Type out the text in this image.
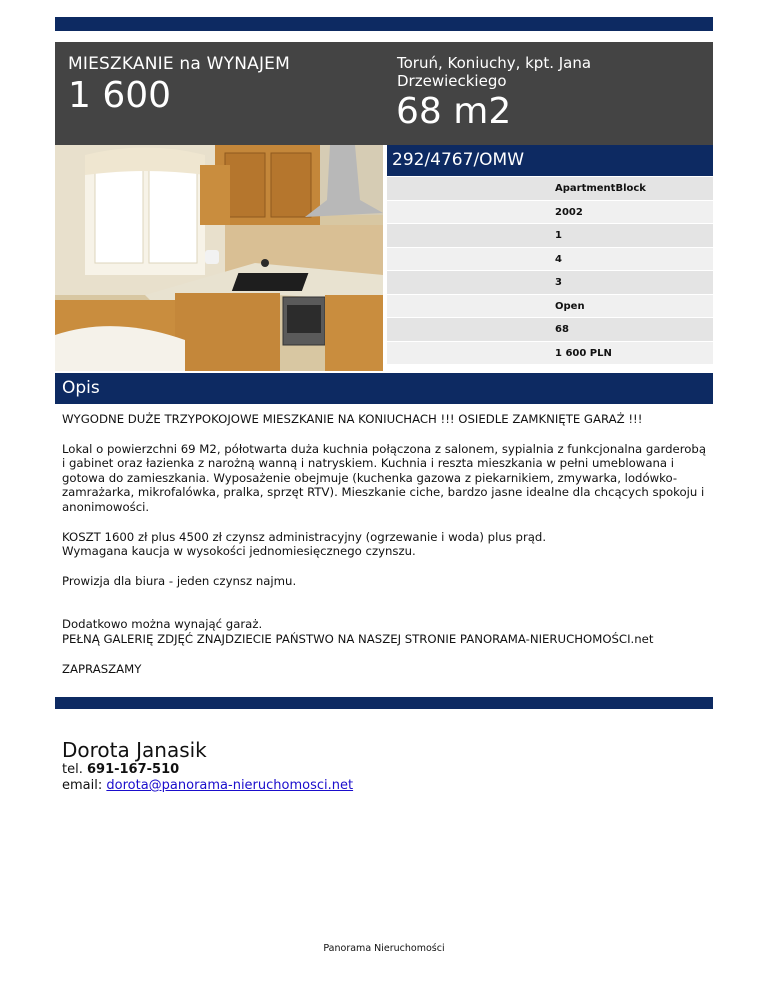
MIESZKANIE na WYNAJEM
1 600
Toruń, Koniuchy, kpt. Jana Drzewieckiego
68 m2
292/4767/OMW
ApartmentBlock
2002
1
4
3
Open
68
1 600 PLN
Opis

WYGODNE DUŻE TRZYPOKOJOWE MIESZKANIE NA KONIUCHACH !!! OSIEDLE ZAMKNIĘTE GARAŻ !!!

Lokal o powierzchni 69 M2, półotwarta duża kuchnia połączona z salonem, sypialnia z funkcjonalna garderobą i gabinet oraz łazienka z narożną wanną i natryskiem. Kuchnia i reszta mieszkania w pełni umeblowana i gotowa do zamieszkania. Wyposażenie obejmuje (kuchenka gazowa z piekarnikiem, zmywarka, lodówko-zamrażarka, mikrofalówka, pralka, sprzęt RTV). Mieszkanie ciche, bardzo jasne idealne dla chcących spokoju i anonimowości.

KOSZT 1600 zł plus 4500 zł czynsz administracyjny (ogrzewanie i woda) plus prąd.

Wymagana kaucja w wysokości jednomiesięcznego czynszu.

Prowizja dla biura - jeden czynsz najmu.

Dodatkowo można wynająć garaż.

PEŁNĄ GALERIĘ ZDJĘĆ ZNAJDZIECIE PAŃSTWO NA NASZEJ STRONIE PANORAMA-NIERUCHOMOŚCI.net

ZAPRASZAMY

Dorota Janasik
tel. 691-167-510
email: dorota@panorama-nieruchomosci.net
Panorama Nieruchomości
